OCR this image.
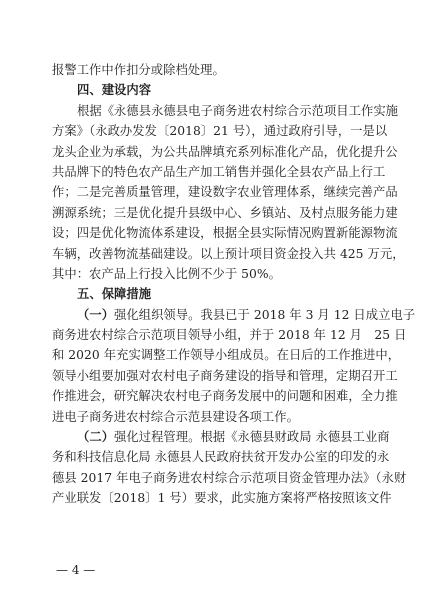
报警工作中作扣分或除档处理。
四、建设内容
根据《永德县永德县电子商务进农村综合示范项目工作实施
方案》（永政办发发〔2018〕21 号），通过政府引导，一是以
龙头企业为承载，为公共品牌填充系列标准化产品，优化提升公
共品牌下的特色农产品生产加工销售并强化全县农产品上行工
作；二是完善质量管理，建设数字农业管理体系，继续完善产品
溯源系统；三是优化提升县级中心、乡镇站、及村点服务能力建
设；四是优化物流体系建设，根据全县实际情况购置新能源物流
车辆，改善物流基础建设。以上预计项目资金投入共 425 万元，
其中：农产品上行投入比例不少于 50%。
五、保障措施
（一）强化组织领导。我县已于 2018 年 3 月 12 日成立电子
商务进农村综合示范项目领导小组，并于 2018 年 12 月　25 日
和 2020 年充实调整工作领导小组成员。在日后的工作推进中，
领导小组要加强对农村电子商务建设的指导和管理，定期召开工
作推进会，研究解决农村电子商务发展中的问题和困难，全力推
进电子商务进农村综合示范县建设各项工作。
（二）强化过程管理。根据《永德县财政局 永德县工业商
务和科技信息化局 永德县人民政府扶贫开发办公室的印发的永
德县 2017 年电子商务进农村综合示范项目资金管理办法》（永财
产业联发〔2018〕1 号）要求，此实施方案将严格按照该文件
— 4 —
